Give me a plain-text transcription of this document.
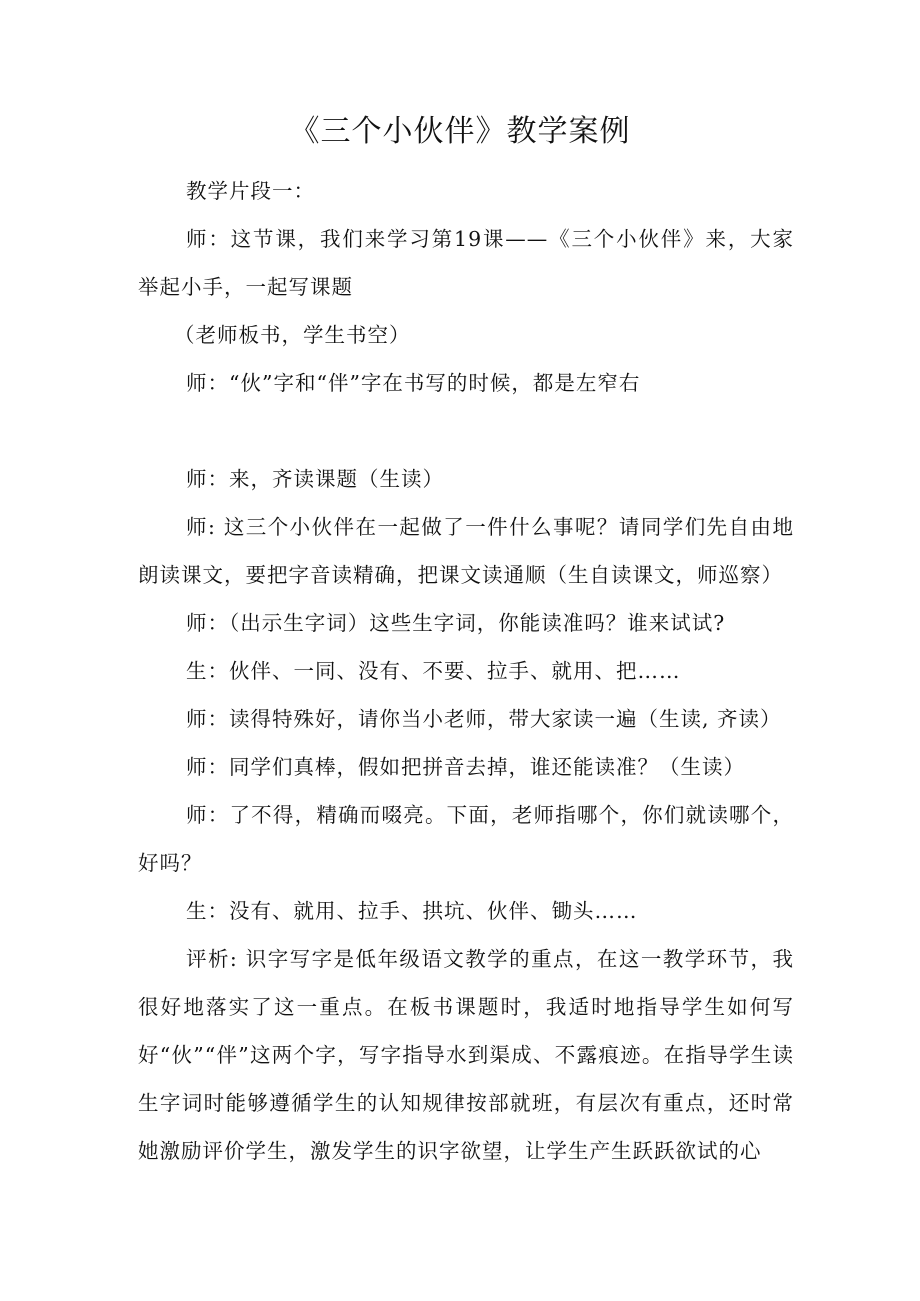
《三个小伙伴》教学案例

教学片段一：

师：这节课，我们来学习第19课——《三个小伙伴》来，大家举起小手，一起写课题

（老师板书，学生书空）

师：“伙”字和“伴”字在书写的时候，都是左窄右

师：来，齐读课题（生读）

师: 这三个小伙伴在一起做了一件什么事呢？请同学们先自由地朗读课文，要把字音读精确，把课文读通顺（生自读课文，师巡察）

师：（出示生字词）这些生字词，你能读准吗？谁来试试?

生：伙伴、一同、没有、不要、拉手、就用、把……

师：读得特殊好，请你当小老师，带大家读一遍（生读, 齐读）

师：同学们真棒，假如把拼音去掉，谁还能读准？（生读）

师：了不得，精确而啜亮。下面，老师指哪个，你们就读哪个，好吗？

生：没有、就用、拉手、拱坑、伙伴、锄头……

评析: 识字写字是低年级语文教学的重点，在这一教学环节，我很好地落实了这一重点。在板书课题时，我适时地指导学生如何写好“伙”“伴”这两个字，写字指导水到渠成、不露痕迹。在指导学生读生字词时能够遵循学生的认知规律按部就班，有层次有重点，还时常她激励评价学生，激发学生的识字欲望，让学生产生跃跃欲试的心
